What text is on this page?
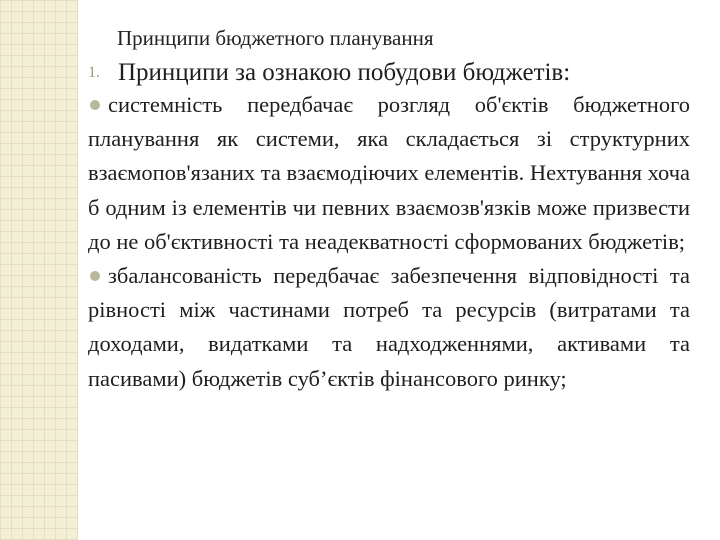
Принципи бюджетного планування
1. Принципи за ознакою побудови бюджетів:

системність передбачає розгляд об'єктів бюджетного планування як системи, яка складається зі структурних взаємопов'язаних та взаємодіючих елементів. Нехтування хоча б одним із елементів чи певних взаємозв'язків може призвести до не об'єктивності та неадекватності сформованих бюджетів;

збалансованість передбачає забезпечення відповідності та рівності між частинами потреб та ресурсів (витратами та доходами, видатками та надходженнями, активами та пасивами) бюджетів суб’єктів фінансового ринку;
